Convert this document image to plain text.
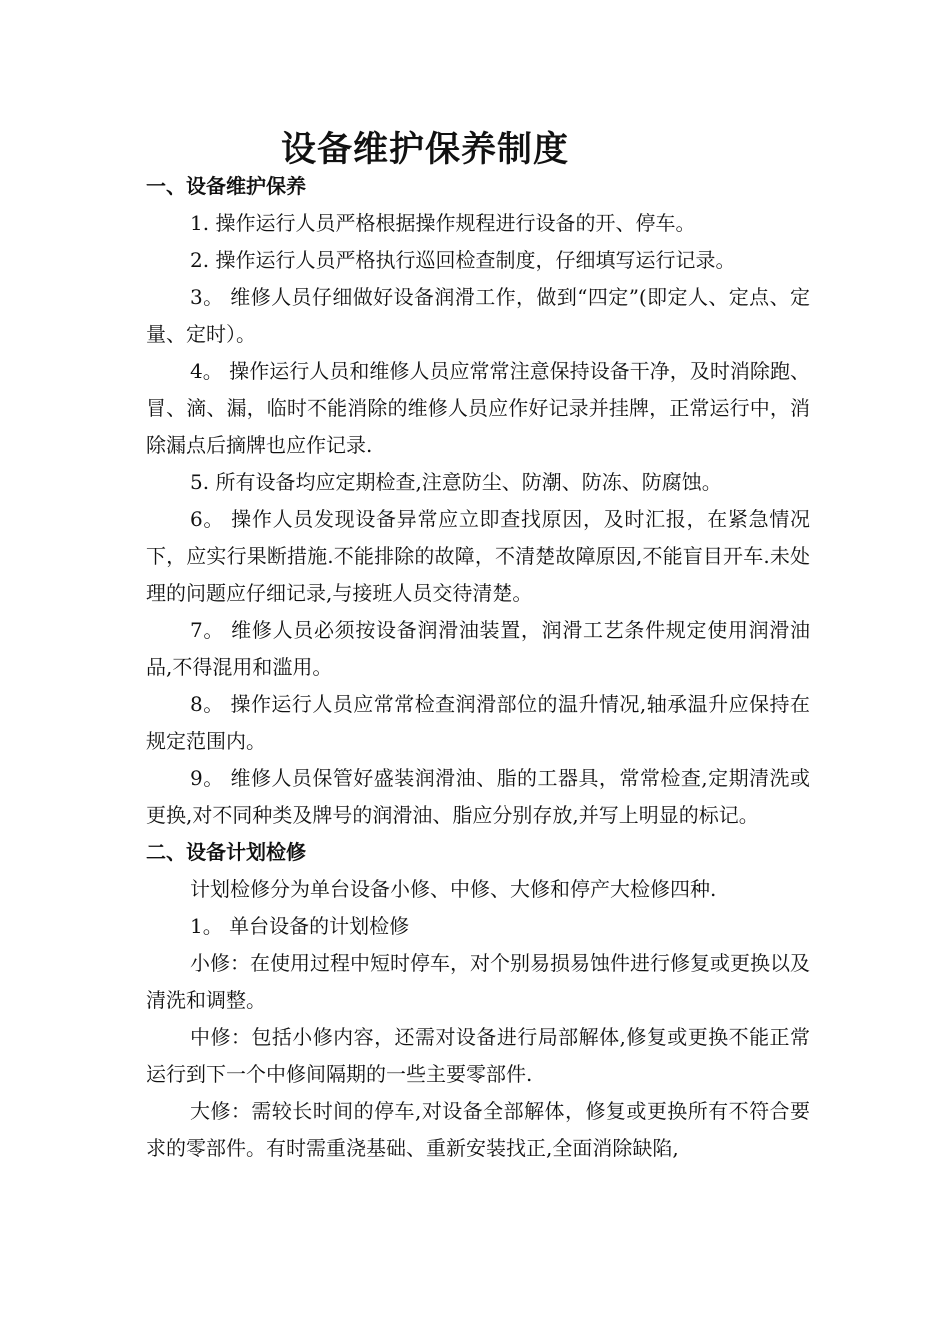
设备维护保养制度
一、设备维护保养

1. 操作运行人员严格根据操作规程进行设备的开、停车。

2. 操作运行人员严格执行巡回检查制度，仔细填写运行记录。

3。 维修人员仔细做好设备润滑工作，做到“四定”(即定人、定点、定量、定时）。

4。 操作运行人员和维修人员应常常注意保持设备干净，及时消除跑、冒、滴、漏，临时不能消除的维修人员应作好记录并挂牌，正常运行中，消除漏点后摘牌也应作记录.

5. 所有设备均应定期检查,注意防尘、防潮、防冻、防腐蚀。

6。 操作人员发现设备异常应立即查找原因，及时汇报，在紧急情况下，应实行果断措施.不能排除的故障，不清楚故障原因,不能盲目开车.未处理的问题应仔细记录,与接班人员交待清楚。

7。 维修人员必须按设备润滑油装置，润滑工艺条件规定使用润滑油品,不得混用和滥用。

8。 操作运行人员应常常检查润滑部位的温升情况,轴承温升应保持在规定范围内。

9。 维修人员保管好盛装润滑油、脂的工器具，常常检查,定期清洗或更换,对不同种类及牌号的润滑油、脂应分别存放,并写上明显的标记。

二、设备计划检修

计划检修分为单台设备小修、中修、大修和停产大检修四种.

1。 单台设备的计划检修

小修：在使用过程中短时停车，对个别易损易蚀件进行修复或更换以及清洗和调整。

中修：包括小修内容，还需对设备进行局部解体,修复或更换不能正常运行到下一个中修间隔期的一些主要零部件.

大修：需较长时间的停车,对设备全部解体，修复或更换所有不符合要求的零部件。有时需重浇基础、重新安装找正,全面消除缺陷,
